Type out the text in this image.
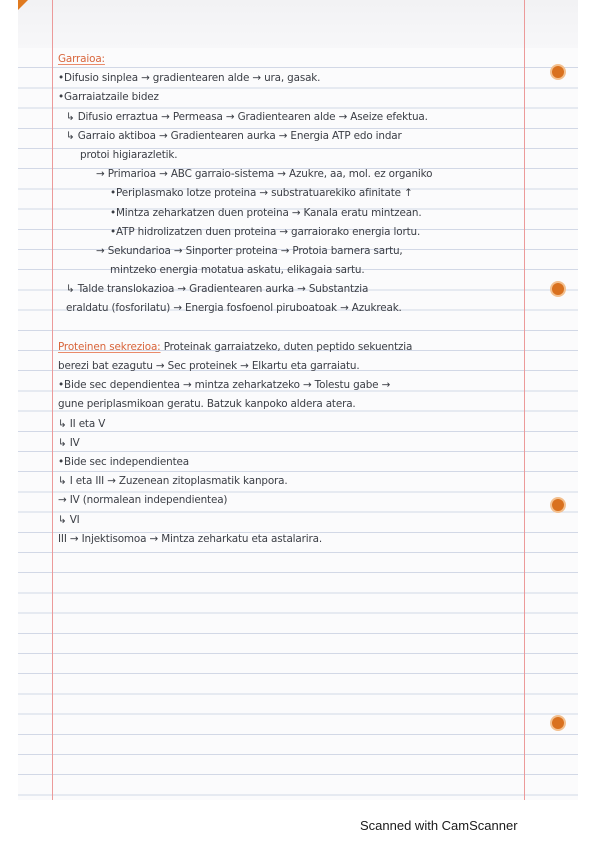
Garraioa:
•Difusio sinplea → gradientearen alde → ura, gasak.
•Garraiatzaile bidez
↳ Difusio erraztua → Permeasa → Gradientearen alde → Aseize efektua.
↳ Garraio aktiboa → Gradientearen aurka → Energia ATP edo indar
protoi higiarazletik.
→ Primarioa → ABC garraio-sistema → Azukre, aa, mol. ez organiko
•Periplasmako lotze proteina → substratuarekiko afinitate ↑
•Mintza zeharkatzen duen proteina → Kanala eratu mintzean.
•ATP hidrolizatzen duen proteina → garraiorako energia lortu.
→ Sekundarioa → Sinporter proteina → Protoia barnera sartu,
mintzeko energia motatua askatu, elikagaia sartu.
↳ Talde translokazioa → Gradientearen aurka → Substantzia
eraldatu (fosforilatu) → Energia fosfoenol piruboatoak → Azukreak.
Proteinen sekrezioa: Proteinak garraiatzeko, duten peptido sekuentzia
berezi bat ezagutu → Sec proteinek → Elkartu eta garraiatu.
•Bide sec dependientea → mintza zeharkatzeko → Tolestu gabe →
gune periplasmikoan geratu. Batzuk kanpoko aldera atera.
↳ II eta V
↳ IV
•Bide sec independientea
↳ I eta III → Zuzenean zitoplasmatik kanpora.
→ IV (normalean independientea)
↳ VI
III → Injektisomoa → Mintza zeharkatu eta astalarira.
Scanned with CamScanner
